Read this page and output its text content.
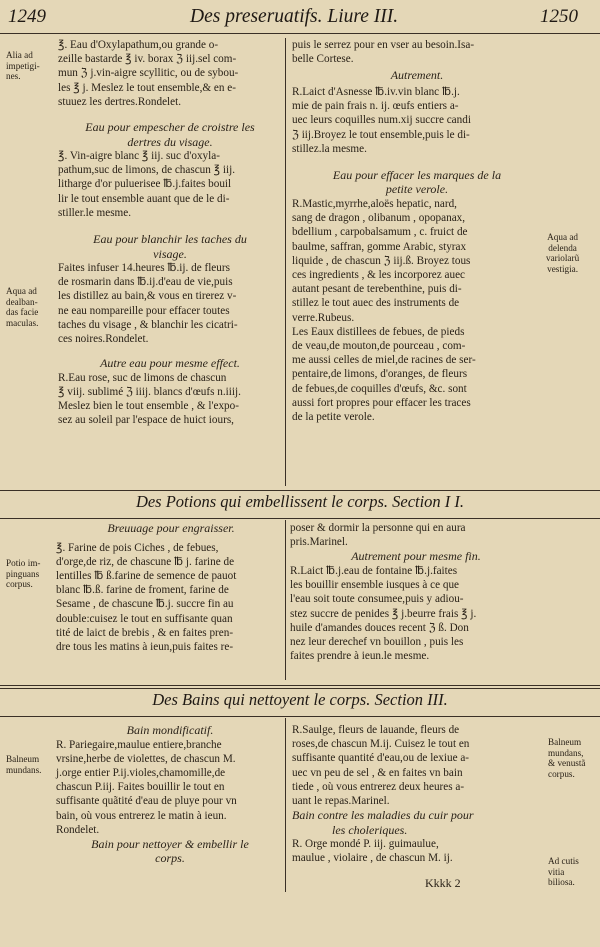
1249	Des preseruatifs. Liure III.	1250
Alia ad
impetigi-
nes.
Aqua ad
dealban-
das facie
maculas.
Aqua ad
delenda
variolarũ
vestigia.
Potio im-
pinguans
corpus.
Balneum
mundans.
Balneum
mundans,
& venustã
corpus.
Ad cutis
vitia
biliosa.

℥. Eau d'Oxylapathum,ou grande o-
zeille bastarde ℥ iv. borax ℨ iij.sel com-
mun ℨ j.vin-aigre scyllitic, ou de sybou-
les ℥ j. Meslez le tout ensemble,& en e-
stuuez les dertres.Rondelet.

Eau pour empescher de croistre les
dertres du visage.

℥. Vin-aigre blanc ℥ iij. suc d'oxyla-
pathum,suc de limons, de chascun ℥ iij.
litharge d'or puluerisee ℔.j.faites bouil
lir le tout ensemble auant que de le di-
stiller.le mesme.

Eau pour blanchir les taches du
visage.

Faites infuser 14.heures ℔.ij. de fleurs
de rosmarin dans ℔.ij.d'eau de vie,puis
les distillez au bain,& vous en tirerez v-
ne eau nompareille pour effacer toutes
taches du visage , & blanchir les cicatri-
ces noires.Rondelet.

Autre eau pour mesme effect.

R.Eau rose, suc de limons de chascun
℥ viij. sublimé ℨ iiij. blancs d'œufs n.iiij.
Meslez bien le tout ensemble , & l'expo-
sez au soleil par l'espace de huict iours,

puis le serrez pour en vser au besoin.Isa-
belle Cortese.

Autrement.

R.Laict d'Asnesse ℔.iv.vin blanc ℔.j.
mie de pain frais n. ij. œufs entiers a-
uec leurs coquilles num.xij succre candi
ℨ iij.Broyez le tout ensemble,puis le di-
stillez.la mesme.

Eau pour effacer les marques de la
petite verole.

R.Mastic,myrrhe,aloës hepatic, nard,
sang de dragon , olibanum , opopanax,
bdellium , carpobalsamum , c. fruict de
baulme, saffran, gomme Arabic, styrax
liquide , de chascun ℨ iij.ß. Broyez tous
ces ingredients , & les incorporez auec
autant pesant de terebenthine, puis di-
stillez le tout auec des instruments de
verre.Rubeus.

Les Eaux distillees de febues, de pieds
de veau,de mouton,de pourceau , com-
me aussi celles de miel,de racines de ser-
pentaire,de limons, d'oranges, de fleurs
de febues,de coquilles d'œufs, &c. sont
aussi fort propres pour effacer les traces
de la petite verole.

Des Potions qui embellissent le corps. Section I I.

Breuuage pour engraisser.

℥. Farine de pois Ciches , de febues,
d'orge,de riz, de chascune ℔ j. farine de
lentilles ℔ ß.farine de semence de pauot
blanc ℔.ß. farine de froment, farine de
Sesame , de chascune ℔.j. succre fin au
double:cuisez le tout en suffisante quan
tité de laict de brebis , & en faites pren-
dre tous les matins à ieun,puis faites re-

poser & dormir la personne qui en aura
pris.Marinel.

Autrement pour mesme fin.

R.Laict ℔.j.eau de fontaine ℔.j.faites
les bouillir ensemble iusques à ce que
l'eau soit toute consumee,puis y adiou-
stez succre de penides ℥ j.beurre frais ℥ j.
huile d'amandes douces recent ℨ ß. Don
nez leur derechef vn bouillon , puis les
faites prendre à ieun.le mesme.

Des Bains qui nettoyent le corps. Section III.

Bain mondificatif.

R. Pariegaire,maulue entiere,branche
vrsine,herbe de violettes, de chascun M.
j.orge entier P.ij.violes,chamomille,de
chascun P.iij. Faites bouillir le tout en
suffisante quãtité d'eau de pluye pour vn
bain, où vous entrerez le matin à ieun.
Rondelet.

Bain pour nettoyer & embellir le
corps.

R.Saulge, fleurs de lauande, fleurs de
roses,de chascun M.ij. Cuisez le tout en
suffisante quantité d'eau,ou de lexiue a-
uec vn peu de sel , & en faites vn bain
tiede , où vous entrerez deux heures a-
uant le repas.Marinel.

Bain contre les maladies du cuir pour
les choleriques.

R. Orge mondé P. iij. guimaulue,
maulue , violaire , de chascun M. ij.

Kkkk 2
